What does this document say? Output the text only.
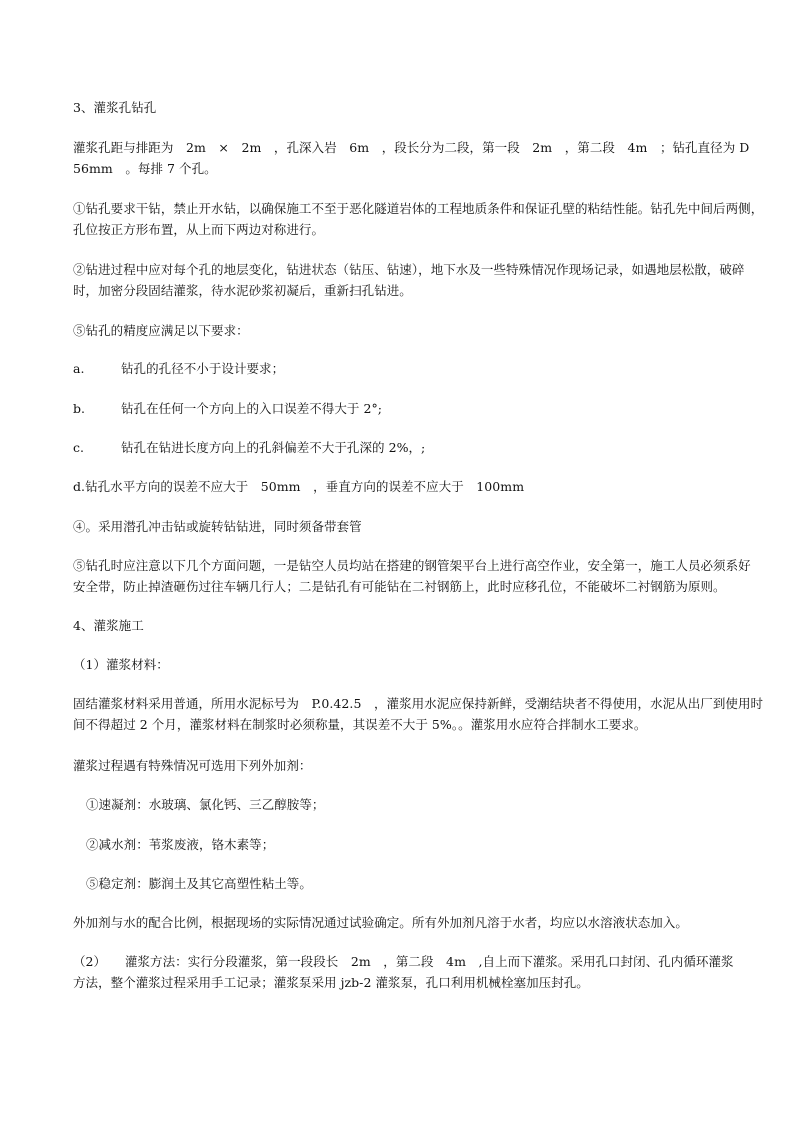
3、灌浆孔钻孔
灌浆孔距与排距为　2m　×　2m　，孔深入岩　6m　，段长分为二段，第一段　2m　，第二段　4m　；钻孔直径为 D
56mm　。每排 7 个孔。
①钻孔要求干钻，禁止开水钻，以确保施工不至于恶化隧道岩体的工程地质条件和保证孔壁的粘结性能。钻孔先中间后两侧，
孔位按正方形布置，从上而下两边对称进行。
②钻进过程中应对每个孔的地层变化，钻进状态（钻压、钻速），地下水及一些特殊情况作现场记录，如遇地层松散，破碎
时，加密分段固结灌浆，待水泥砂浆初凝后，重新扫孔钻进。
⑤钻孔的精度应满足以下要求：
a.	钻孔的孔径不小于设计要求；
b.	钻孔在任何一个方向上的入口误差不得大于 2°;
c.	钻孔在钻进长度方向上的孔斜偏差不大于孔深的 2%，;
d.钻孔水平方向的误差不应大于　50mm　，垂直方向的误差不应大于　100mm
④。采用潜孔冲击钻或旋转钻钻进，同时须备带套管
⑤钻孔时应注意以下几个方面问题，一是钻空人员均站在搭建的钢管架平台上进行高空作业，安全第一，施工人员必须系好
安全带，防止掉渣砸伤过往车辆几行人；二是钻孔有可能钻在二衬钢筋上，此时应移孔位，不能破坏二衬钢筋为原则。
4、灌浆施工
（1）灌浆材料：
固结灌浆材料采用普通，所用水泥标号为　P.0.42.5　，灌浆用水泥应保持新鲜，受潮结块者不得使用，水泥从出厂到使用时
间不得超过 2 个月，灌浆材料在制浆时必须称量，其误差不大于 5%。。灌浆用水应符合拌制水工要求。
灌浆过程遇有特殊情况可选用下列外加剂：
①速凝剂：水玻璃、氯化钙、三乙醇胺等；
②减水剂：苇浆废液，铬木素等；
⑤稳定剂：膨润土及其它高塑性粘土等。
外加剂与水的配合比例，根据现场的实际情况通过试验确定。所有外加剂凡溶于水者，均应以水溶液状态加入。
（2）　　灌浆方法：实行分段灌浆，第一段段长　2m　，第二段　4m　,自上而下灌浆。采用孔口封闭、孔内循环灌浆
方法，整个灌浆过程采用手工记录；灌浆泵采用 jzb-2 灌浆泵，孔口利用机械栓塞加压封孔。
